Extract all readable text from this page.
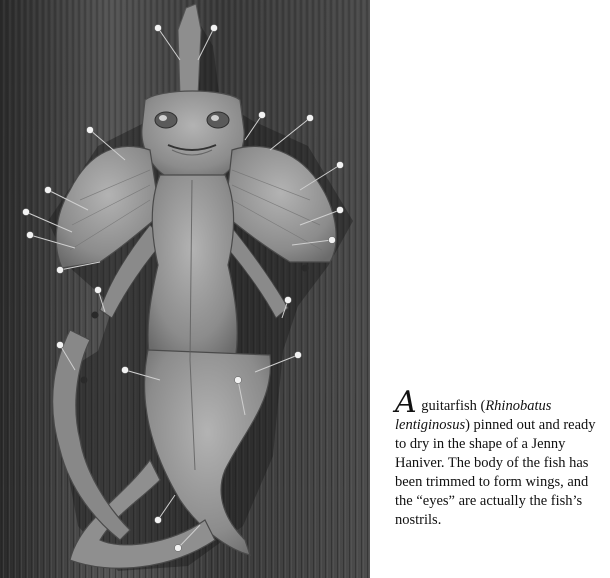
A guitarfish (Rhinobatus lentiginosus) pinned out and ready to dry in the shape of a Jenny Haniver. The body of the fish has been trimmed to form wings, and the “eyes” are actually the fish’s nostrils.
